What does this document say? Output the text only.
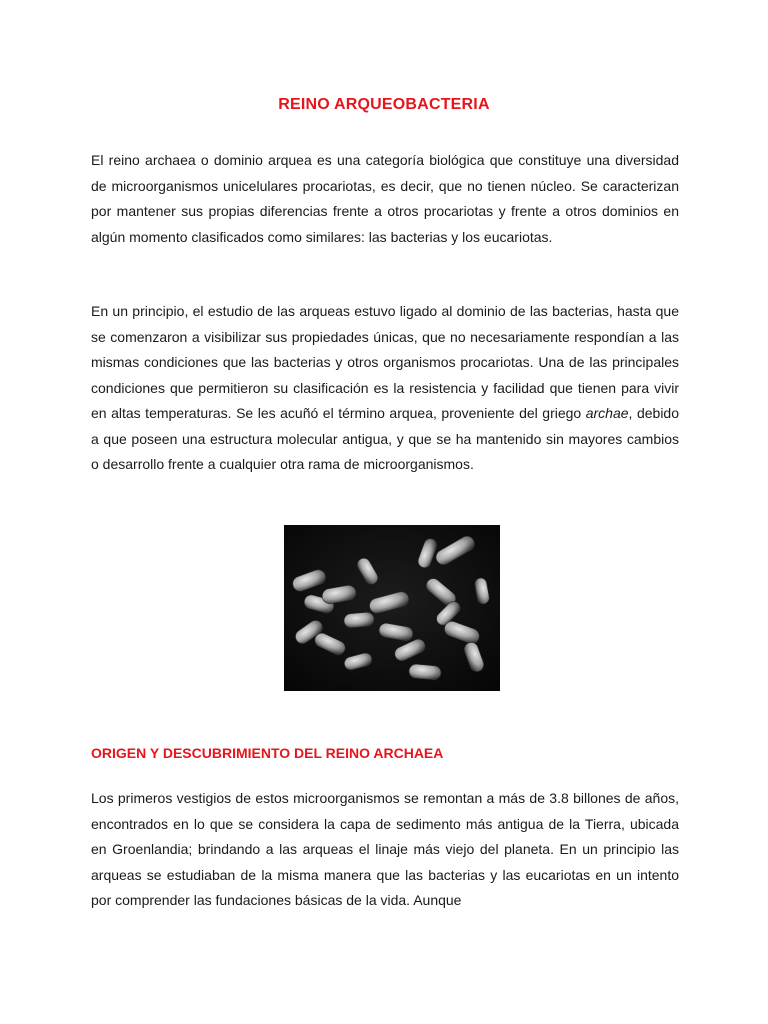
REINO ARQUEOBACTERIA

El reino archaea o dominio arquea es una categoría biológica que constituye una diversidad de microorganismos unicelulares procariotas, es decir, que no tienen núcleo. Se caracterizan por mantener sus propias diferencias frente a otros procariotas y frente a otros dominios en algún momento clasificados como similares: las bacterias y los eucariotas.

En un principio, el estudio de las arqueas estuvo ligado al dominio de las bacterias, hasta que se comenzaron a visibilizar sus propiedades únicas, que no necesariamente respondían a las mismas condiciones que las bacterias y otros organismos procariotas. Una de las principales condiciones que permitieron su clasificación es la resistencia y facilidad que tienen para vivir en altas temperaturas. Se les acuñó el término arquea, proveniente del griego archae, debido a que poseen una estructura molecular antigua, y que se ha mantenido sin mayores cambios o desarrollo frente a cualquier otra rama de microorganismos.

ORIGEN Y DESCUBRIMIENTO DEL REINO ARCHAEA

Los primeros vestigios de estos microorganismos se remontan a más de 3.8 billones de años, encontrados en lo que se considera la capa de sedimento más antigua de la Tierra, ubicada en Groenlandia; brindando a las arqueas el linaje más viejo del planeta. En un principio las arqueas se estudiaban de la misma manera que las bacterias y las eucariotas en un intento por comprender las fundaciones básicas de la vida. Aunque
